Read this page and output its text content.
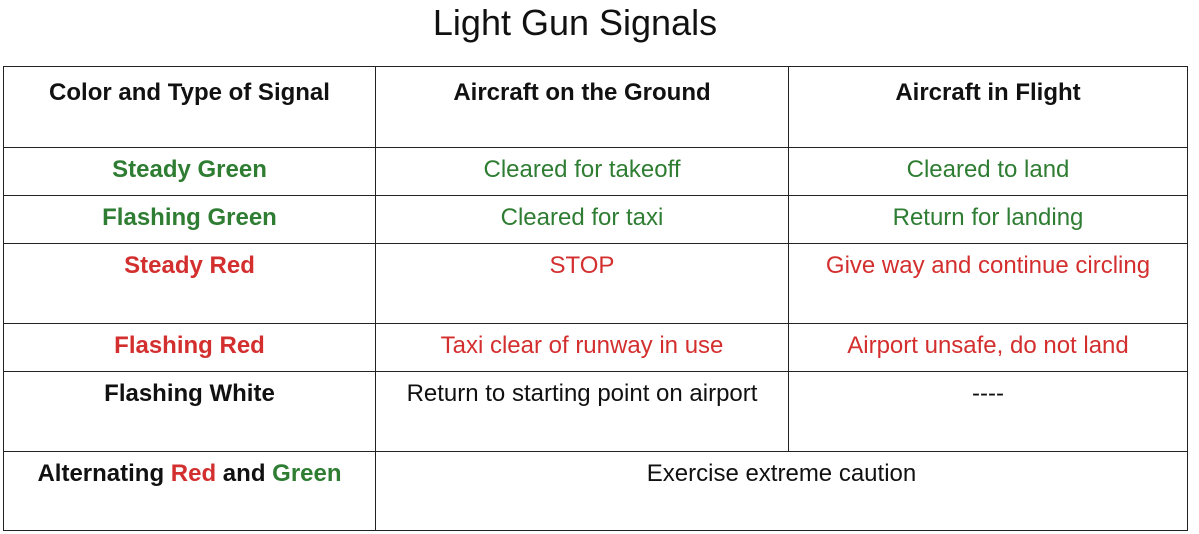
Light Gun Signals
Color and Type of Signal	Aircraft on the Ground	Aircraft in Flight
Steady Green	Cleared for takeoff	Cleared to land
Flashing Green	Cleared for taxi	Return for landing
Steady Red	STOP	Give way and continue circling
Flashing Red	Taxi clear of runway in use	Airport unsafe, do not land
Flashing White	Return to starting point on airport	----
Alternating Red and Green	Exercise extreme caution	
